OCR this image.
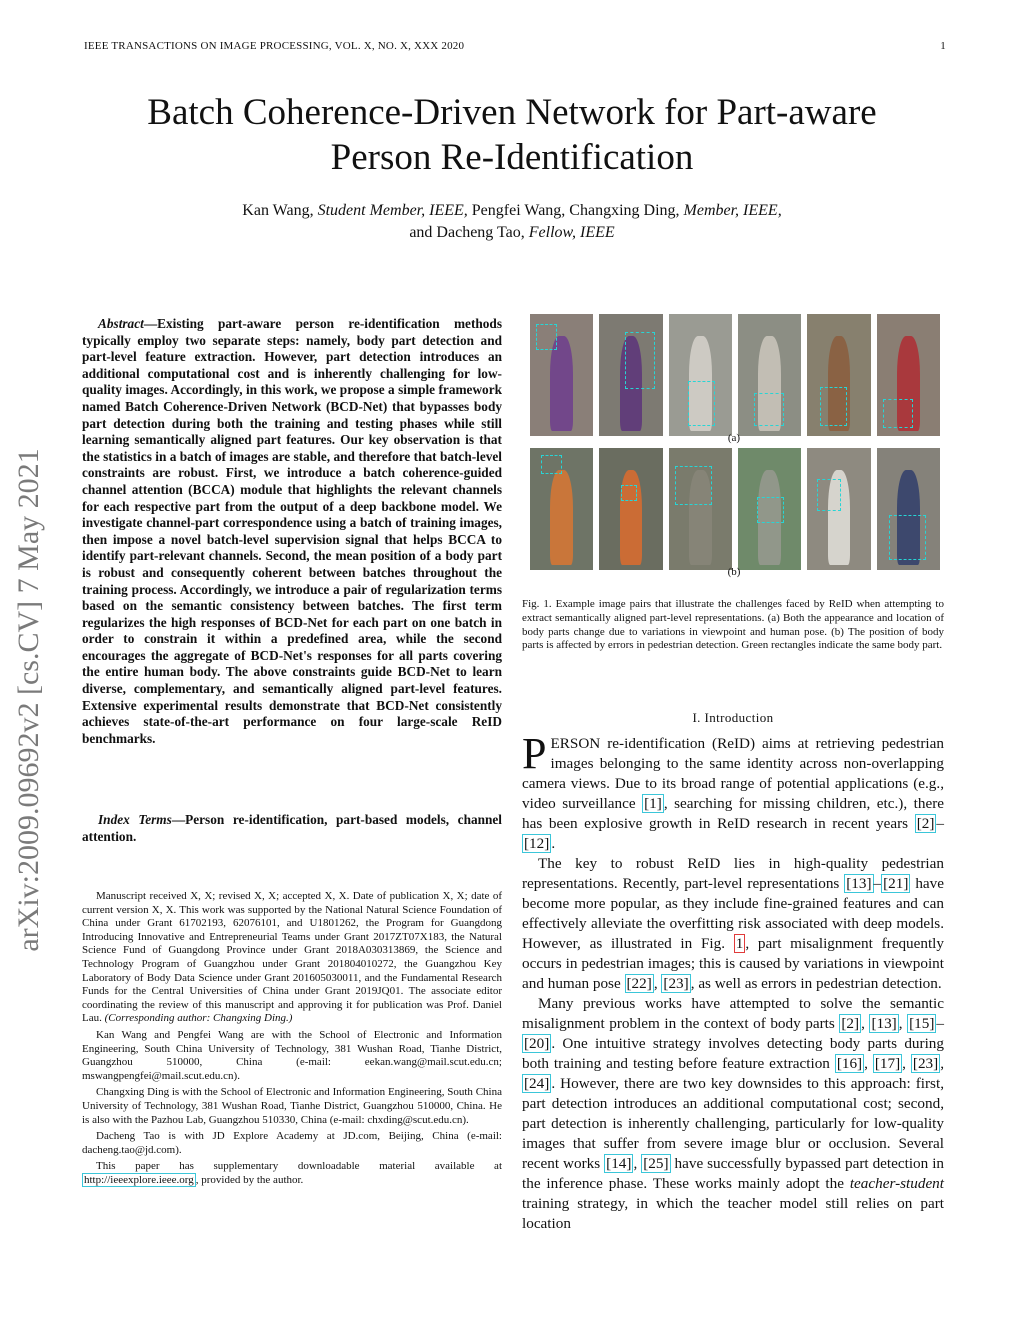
IEEE TRANSACTIONS ON IMAGE PROCESSING, VOL. X, NO. X, XXX 2020	1
Batch Coherence-Driven Network for Part-aware
Person Re-Identification
Kan Wang, Student Member, IEEE, Pengfei Wang, Changxing Ding, Member, IEEE,
and Dacheng Tao, Fellow, IEEE
arXiv:2009.09692v2 [cs.CV] 7 May 2021
Abstract—Existing part-aware person re-identification methods typically employ two separate steps: namely, body part detection and part-level feature extraction. However, part detection introduces an additional computational cost and is inherently challenging for low-quality images. Accordingly, in this work, we propose a simple framework named Batch Coherence-Driven Network (BCD-Net) that bypasses body part detection during both the training and testing phases while still learning semantically aligned part features. Our key observation is that the statistics in a batch of images are stable, and therefore that batch-level constraints are robust. First, we introduce a batch coherence-guided channel attention (BCCA) module that highlights the relevant channels for each respective part from the output of a deep backbone model. We investigate channel-part correspondence using a batch of training images, then impose a novel batch-level supervision signal that helps BCCA to identify part-relevant channels. Second, the mean position of a body part is robust and consequently coherent between batches throughout the training process. Accordingly, we introduce a pair of regularization terms based on the semantic consistency between batches. The first term regularizes the high responses of BCD-Net for each part on one batch in order to constrain it within a predefined area, while the second encourages the aggregate of BCD-Net's responses for all parts covering the entire human body. The above constraints guide BCD-Net to learn diverse, complementary, and semantically aligned part-level features. Extensive experimental results demonstrate that BCD-Net consistently achieves state-of-the-art performance on four large-scale ReID benchmarks.
Index Terms—Person re-identification, part-based models, channel attention.

Manuscript received X, X; revised X, X; accepted X, X. Date of publication X, X; date of current version X, X. This work was supported by the National Natural Science Foundation of China under Grant 61702193, 62076101, and U1801262, the Program for Guangdong Introducing Innovative and Entrepreneurial Teams under Grant 2017ZT07X183, the Natural Science Fund of Guangdong Province under Grant 2018A030313869, the Science and Technology Program of Guangzhou under Grant 201804010272, the Guangzhou Key Laboratory of Body Data Science under Grant 201605030011, and the Fundamental Research Funds for the Central Universities of China under Grant 2019JQ01. The associate editor coordinating the review of this manuscript and approving it for publication was Prof. Daniel Lau. (Corresponding author: Changxing Ding.)

Kan Wang and Pengfei Wang are with the School of Electronic and Information Engineering, South China University of Technology, 381 Wushan Road, Tianhe District, Guangzhou 510000, China (e-mail: eekan.wang@mail.scut.edu.cn; mswangpengfei@mail.scut.edu.cn).

Changxing Ding is with the School of Electronic and Information Engineering, South China University of Technology, 381 Wushan Road, Tianhe District, Guangzhou 510000, China. He is also with the Pazhou Lab, Guangzhou 510330, China (e-mail: chxding@scut.edu.cn).

Dacheng Tao is with JD Explore Academy at JD.com, Beijing, China (e-mail: dacheng.tao@jd.com).

This paper has supplementary downloadable material available at http://ieeexplore.ieee.org , provided by the author.

(a)
(b)
Fig. 1. Example image pairs that illustrate the challenges faced by ReID when attempting to extract semantically aligned part-level representations. (a) Both the appearance and location of body parts change due to variations in viewpoint and human pose. (b) The position of body parts is affected by errors in pedestrian detection. Green rectangles indicate the same body part.
I. Introduction

PERSON re-identification (ReID) aims at retrieving pedestrian images belonging to the same identity across non-overlapping camera views. Due to its broad range of potential applications (e.g., video surveillance [1] , searching for missing children, etc.), there has been explosive growth in ReID research in recent years [2] –[12] .

The key to robust ReID lies in high-quality pedestrian representations. Recently, part-level representations [13] – [21] have become more popular, as they include fine-grained features and can effectively alleviate the overfitting risk associated with deep models. However, as illustrated in Fig. 1 , part misalignment frequently occurs in pedestrian images; this is caused by variations in viewpoint and human pose [22] , [23] , as well as errors in pedestrian detection.

Many previous works have attempted to solve the semantic misalignment problem in the context of body parts [2] , [13] , [15] –[20] . One intuitive strategy involves detecting body parts during both training and testing before feature extraction [16] , [17] , [23] , [24] . However, there are two key downsides to this approach: first, part detection introduces an additional computational cost; second, part detection is inherently challenging, particularly for low-quality images that suffer from severe image blur or occlusion. Several recent works [14] , [25] have successfully bypassed part detection in the inference phase. These works mainly adopt the teacher-student training strategy, in which the teacher model still relies on part location
